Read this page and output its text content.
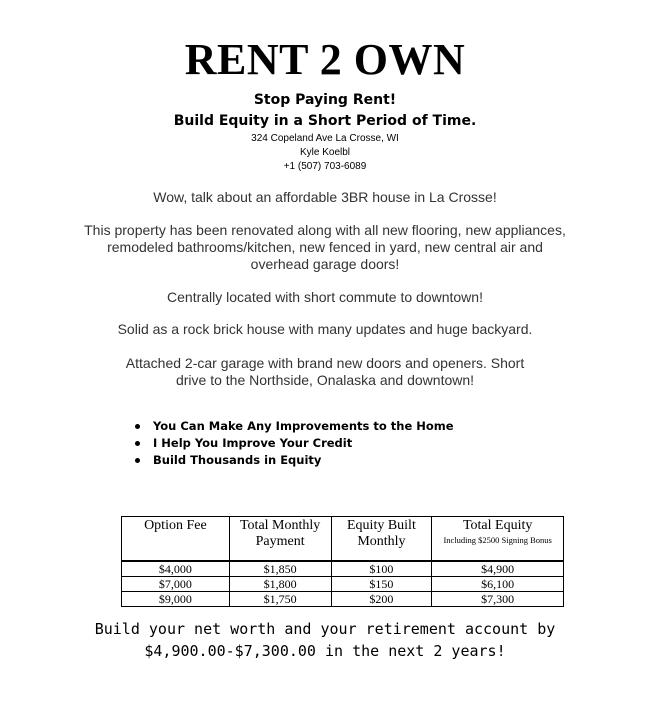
RENT 2 OWN
Stop Paying Rent!
Build Equity in a Short Period of Time.
324 Copeland Ave La Crosse, WI
Kyle Koelbl
+1 (507) 703-6089
Wow, talk about an affordable 3BR house in La Crosse!
This property has been renovated along with all new flooring, new appliances, remodeled bathrooms/kitchen, new fenced in yard, new central air and overhead garage doors!
Centrally located with short commute to downtown!
Solid as a rock brick house with many updates and huge backyard.
Attached 2-car garage with brand new doors and openers. Short drive to the Northside, Onalaska and downtown!
You Can Make Any Improvements to the Home
I Help You Improve Your Credit
Build Thousands in Equity
Option Fee	Total Monthly Payment	Equity Built Monthly	Total Equity
Including $2500 Signing Bonus

$4,000	$1,850	$100	$4,900
$7,000	$1,800	$150	$6,100
$9,000	$1,750	$200	$7,300
Build your net worth and your retirement account by
$4,900.00-$7,300.00 in the next 2 years!
